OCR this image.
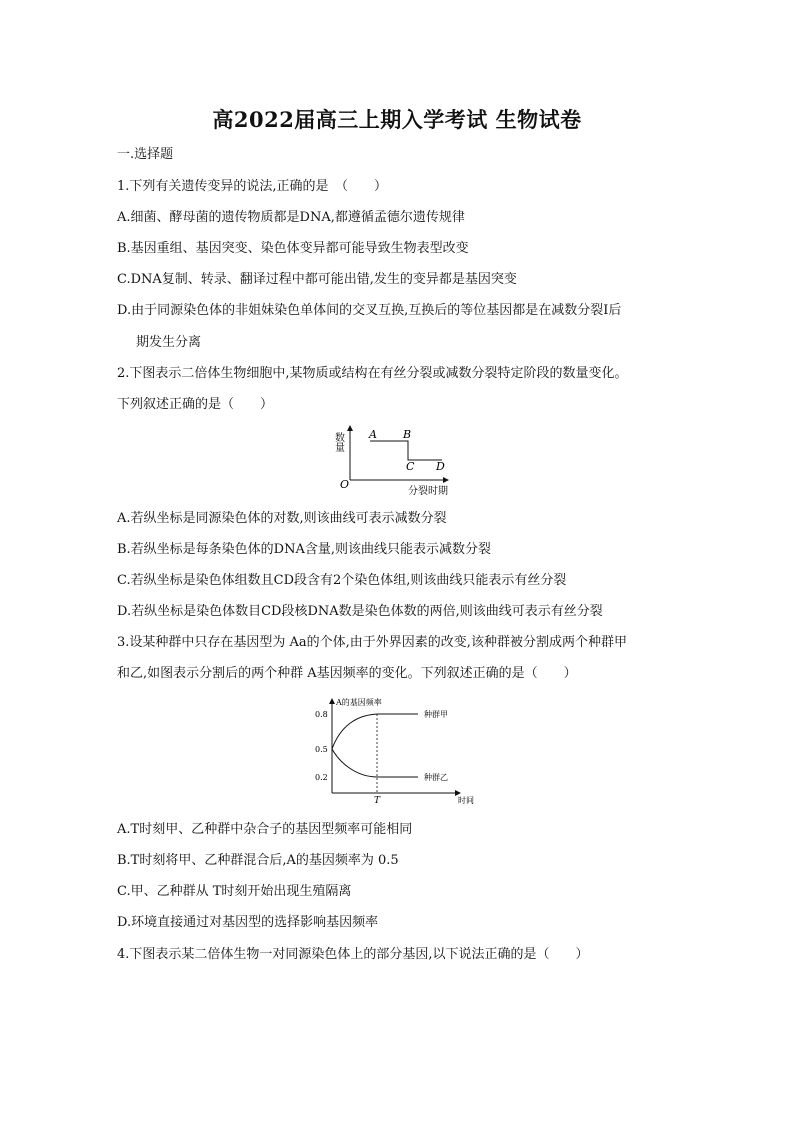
高2022届高三上期入学考试 生物试卷
一.选择题
1.下列有关遗传变异的说法,正确的是　（　　）
A.细菌、酵母菌的遗传物质都是DNA,都遵循孟德尔遗传规律
B.基因重组、基因突变、染色体变异都可能导致生物表型改变
C.DNA复制、转录、翻译过程中都可能出错,发生的变异都是基因突变
D.由于同源染色体的非姐妹染色单体间的交叉互换,互换后的等位基因都是在减数分裂Ⅰ后
期发生分离
2.下图表示二倍体生物细胞中,某物质或结构在有丝分裂或减数分裂特定阶段的数量变化。
下列叙述正确的是（　　）
数量
O
分裂时期
A B
C D
A.若纵坐标是同源染色体的对数,则该曲线可表示减数分裂
B.若纵坐标是每条染色体的DNA含量,则该曲线只能表示减数分裂
C.若纵坐标是染色体组数且CD段含有2个染色体组,则该曲线只能表示有丝分裂
D.若纵坐标是染色体数目CD段核DNA数是染色体数的两倍,则该曲线可表示有丝分裂
3.设某种群中只存在基因型为 Aa的个体,由于外界因素的改变,该种群被分割成两个种群甲
和乙,如图表示分割后的两个种群 A基因频率的变化。下列叙述正确的是（　　）
A的基因频率
0.8
0.5
0.2
T	时间
种群甲
种群乙
A.T时刻甲、乙种群中杂合子的基因型频率可能相同
B.T时刻将甲、乙种群混合后,A的基因频率为 0.5
C.甲、乙种群从 T时刻开始出现生殖隔离
D.环境直接通过对基因型的选择影响基因频率
4.下图表示某二倍体生物一对同源染色体上的部分基因,以下说法正确的是（　　）
